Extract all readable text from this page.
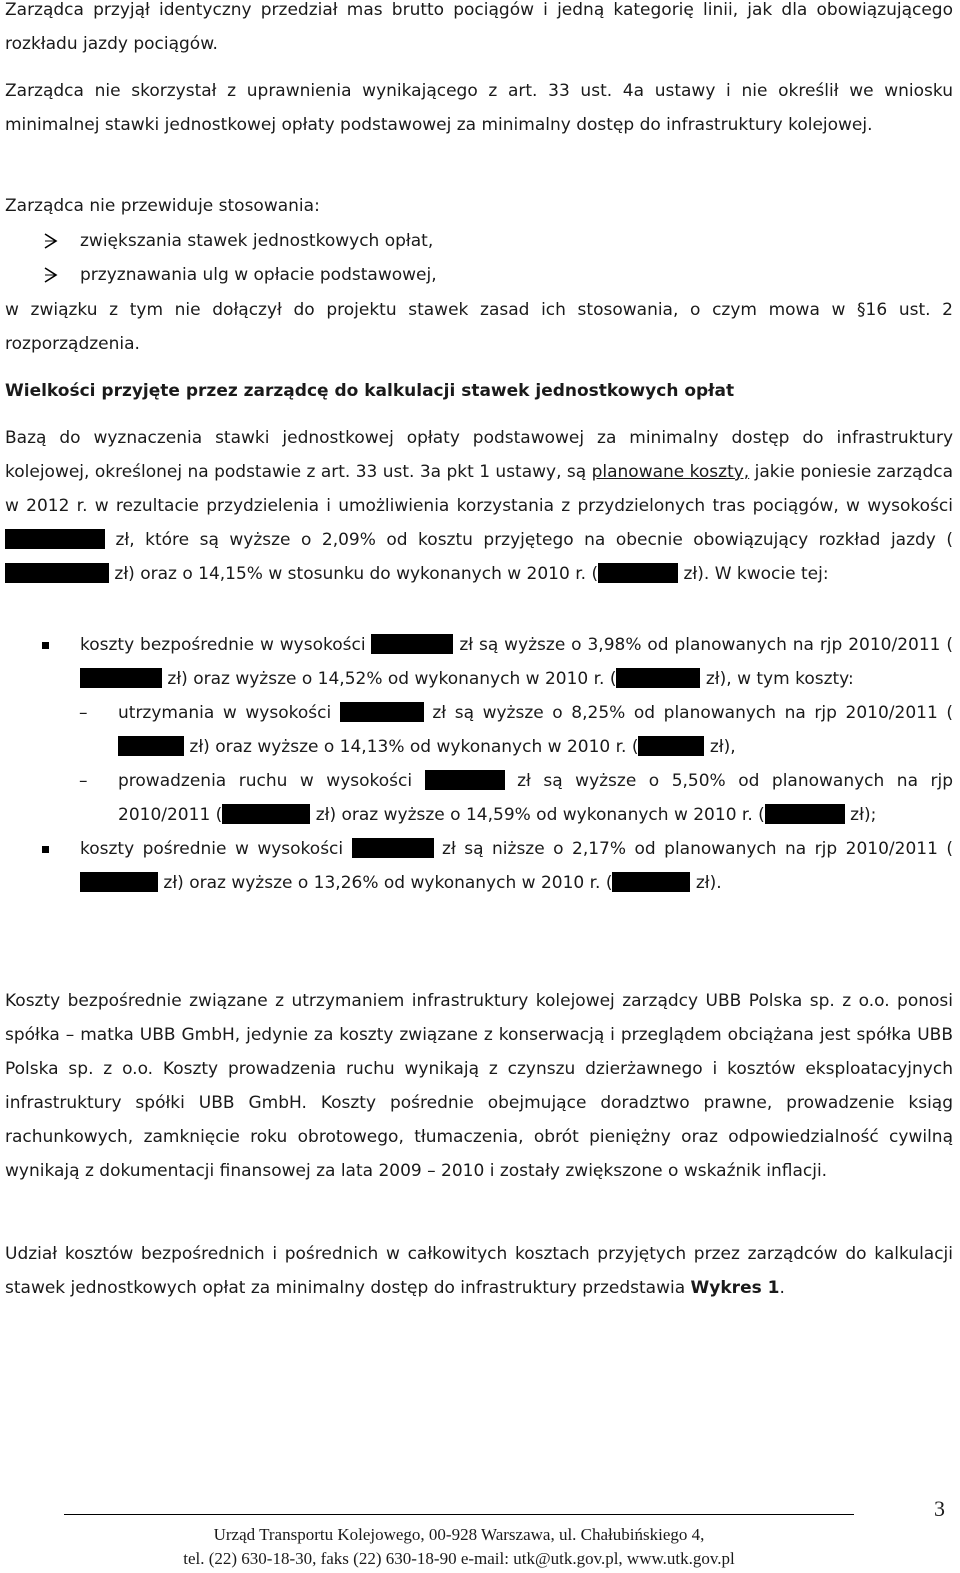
Zarządca przyjął identyczny przedział mas brutto pociągów i jedną kategorię linii, jak dla obowiązującego rozkładu jazdy pociągów.

Zarządca nie skorzystał z uprawnienia wynikającego z art. 33 ust. 4a ustawy i nie określił we wniosku minimalnej stawki jednostkowej opłaty podstawowej za minimalny dostęp do infrastruktury kolejowej.

Zarządca nie przewiduje stosowania:

zwiększania stawek jednostkowych opłat,
przyznawania ulg w opłacie podstawowej,

w związku z tym nie dołączył do projektu stawek zasad ich stosowania, o czym mowa w §16 ust. 2 rozporządzenia.

Wielkości przyjęte przez zarządcę do kalkulacji stawek jednostkowych opłat

Bazą do wyznaczenia stawki jednostkowej opłaty podstawowej za minimalny dostęp do infrastruktury kolejowej, określonej na podstawie z art. 33 ust. 3a pkt 1 ustawy, są planowane koszty, jakie poniesie zarządca w 2012 r. w rezultacie przydzielenia i umożliwienia korzystania z przydzielonych tras pociągów, w wysokości  zł, które są wyższe o 2,09% od kosztu przyjętego na obecnie obowiązujący rozkład jazdy ( zł) oraz o 14,15% w stosunku do wykonanych w 2010 r. (	zł). W kwocie tej:

koszty bezpośrednie w wysokości	zł są wyższe o 3,98% od planowanych na rjp 2010/2011 ( zł) oraz wyższe o 14,52% od wykonanych w 2010 r. (	zł), w tym koszty:
– utrzymania w wysokości	zł są wyższe o 8,25% od planowanych na rjp 2010/2011 ( zł) oraz wyższe o 14,13% od wykonanych w 2010 r. (	zł),
– prowadzenia ruchu w wysokości	zł są wyższe o 5,50% od planowanych na rjp 2010/2011 (	zł) oraz wyższe o 14,59% od wykonanych w 2010 r. (	zł);
koszty pośrednie w wysokości	zł są niższe o 2,17% od planowanych na rjp 2010/2011 ( zł) oraz wyższe o 13,26% od wykonanych w 2010 r. (	zł).

Koszty bezpośrednie związane z utrzymaniem infrastruktury kolejowej zarządcy UBB Polska sp. z o.o. ponosi spółka – matka UBB GmbH, jedynie za koszty związane z konserwacją i przeglądem obciążana jest spółka UBB Polska sp. z o.o. Koszty prowadzenia ruchu wynikają z czynszu dzierżawnego i kosztów eksploatacyjnych infrastruktury spółki UBB GmbH. Koszty pośrednie obejmujące doradztwo prawne, prowadzenie ksiąg rachunkowych, zamknięcie roku obrotowego, tłumaczenia, obrót pieniężny oraz odpowiedzialność cywilną wynikają z dokumentacji finansowej za lata 2009 – 2010 i zostały zwiększone o wskaźnik inflacji.

Udział kosztów bezpośrednich i pośrednich w całkowitych kosztach przyjętych przez zarządców do kalkulacji stawek jednostkowych opłat za minimalny dostęp do infrastruktury przedstawia Wykres 1.

3
Urząd Transportu Kolejowego, 00-928 Warszawa, ul. Chałubińskiego 4,
tel. (22) 630-18-30, faks (22) 630-18-90 e-mail: utk@utk.gov.pl, www.utk.gov.pl
